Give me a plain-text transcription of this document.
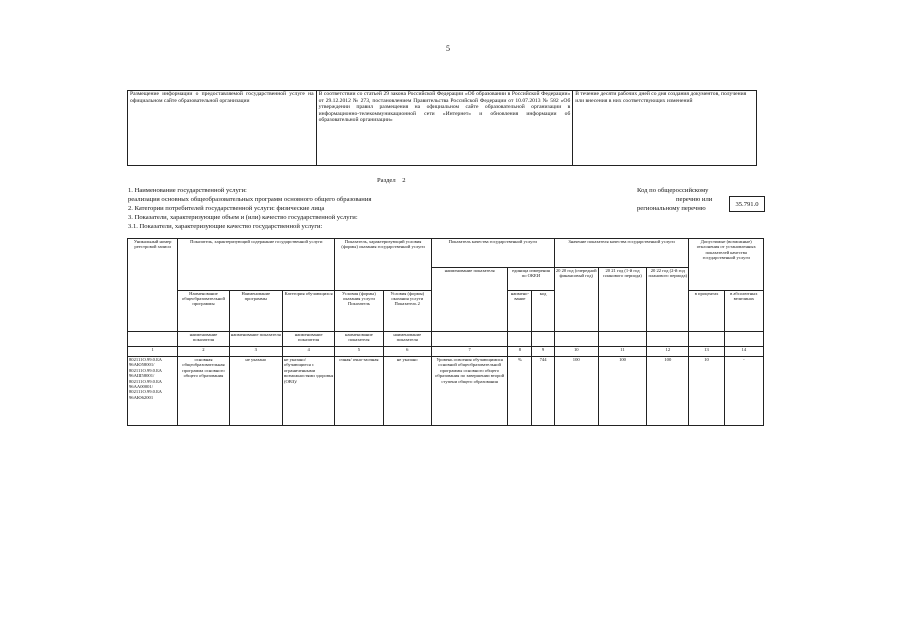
5
Размещение информации о предоставляемой государственной услуге на официальном сайте образовательной организации	В соответствии со статьей 29 закона Российской Федерации «Об образовании в Российской Федерации» от 29.12.2012 № 273, постановлением Правительства Российской Федерации от 10.07.2013 № 582 «Об утверждении правил размещения на официальном сайте образовательной организации в информационно-телекоммуникационной сети «Интернет» и обновления информации об образовательной организации»	В течение десяти рабочих дней со дня создания документов, получения или внесения в них соответствующих изменений
Раздел 2
1. Наименование государственной услуги:
реализация основных общеобразовательных программ основного общего образования
2. Категории потребителей государственной услуги: физические лица
3. Показатели, характеризующие объем и (или) качество государственной услуги:
3.1. Показатели, характеризующие качество государственной услуги:
Код по общероссийскому
перечню или
региональному перечню
35.791.0
Уникальный номер реестровой записи	Показатель, характеризующий содержание государственной услуги			Показатель, характеризующий условия (формы) оказания государственной услуги		Показатель качества государственной услуги			Значение показателя качества государственной услуги			Допустимые (возможные) отклонения от установленных показателей качества государственной услуги	
						наименование показателя	единица измерения по ОКЕИ		20 20 год (очередной финансовый год)	20 21 год (1-й год планового периода)	20 22 год (2-й год планового периода)		
	Наименование общеобразовательной программы	Наименование программы	Категория обучающихся	Условия (формы) оказания услуги Показатель	Условия (формы) оказания услуги Показатель 2		наимено- вание	код				в процентах	в абсолютных величинах
	наименование показателя	наименование показателя	наименование показателя	наименование показателя	наименование показателя								
1	2	3	4	5	6	7	8	9	10	11	12	13	14
802111О.99.0.БА 96АЮ58001/ 802111О.99.0.БА 96АШ58001/ 802111О.99.0.БА 96АА00001/ 802111О.99.0.БА 96АЮ62001	основная общеобразовательная программа основного общего образования	не указано	не указано/ обучающиеся с ограниченными возможностями здоровья (ОВЗ)/	очная/ очно-заочная	не указано	Уровень освоения обучающимися основной общеобразовательной программы основного общего образования по завершении второй ступени общего образования	%	744	100	100	100	10	-
